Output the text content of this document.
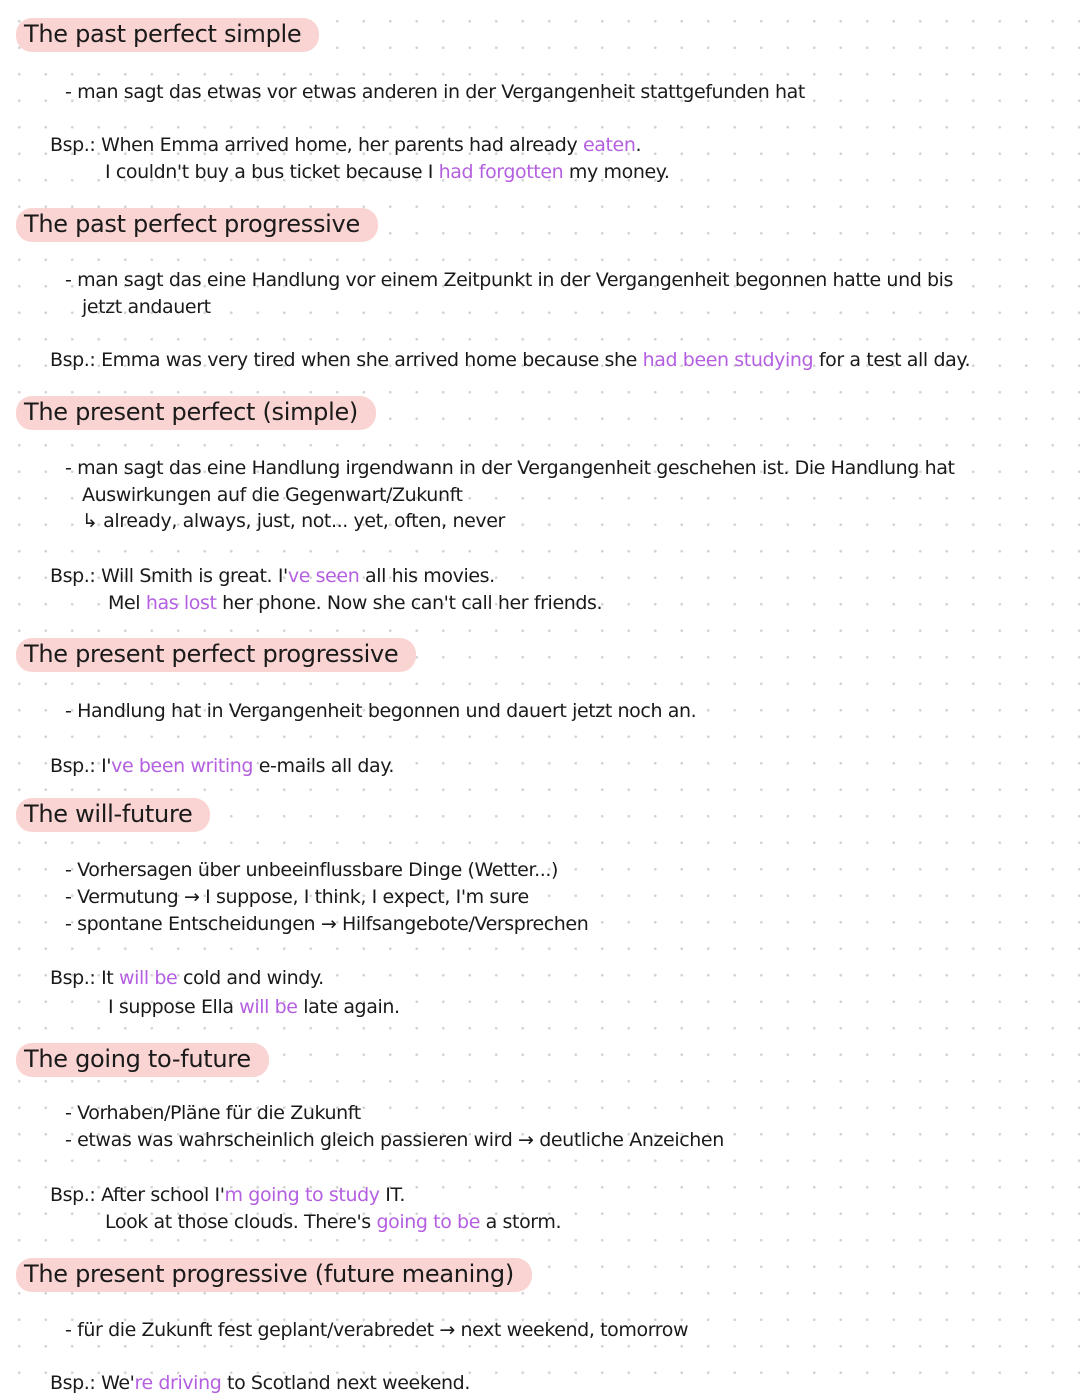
The past perfect simple
- man sagt das etwas vor etwas anderen in der Vergangenheit stattgefunden hat
Bsp.: When Emma arrived home, her parents had already eaten.
I couldn't buy a bus ticket because I had forgotten my money.
The past perfect progressive
- man sagt das eine Handlung vor einem Zeitpunkt in der Vergangenheit begonnen hatte und bis
jetzt andauert
Bsp.: Emma was very tired when she arrived home because she had been studying for a test all day.
The present perfect (simple)
- man sagt das eine Handlung irgendwann in der Vergangenheit geschehen ist. Die Handlung hat
Auswirkungen auf die Gegenwart/Zukunft
↳ already, always, just, not... yet, often, never
Bsp.: Will Smith is great. I've seen all his movies.
Mel has lost her phone. Now she can't call her friends.
The present perfect progressive
- Handlung hat in Vergangenheit begonnen und dauert jetzt noch an.
Bsp.: I've been writing e-mails all day.
The will-future
- Vorhersagen über unbeeinflussbare Dinge (Wetter...)
- Vermutung → I suppose, I think, I expect, I'm sure
- spontane Entscheidungen → Hilfsangebote/Versprechen
Bsp.: It will be cold and windy.
I suppose Ella will be late again.
The going to-future
- Vorhaben/Pläne für die Zukunft
- etwas was wahrscheinlich gleich passieren wird → deutliche Anzeichen
Bsp.: After school I'm going to study IT.
Look at those clouds. There's going to be a storm.
The present progressive (future meaning)
- für die Zukunft fest geplant/verabredet → next weekend, tomorrow
Bsp.: We're driving to Scotland next weekend.
